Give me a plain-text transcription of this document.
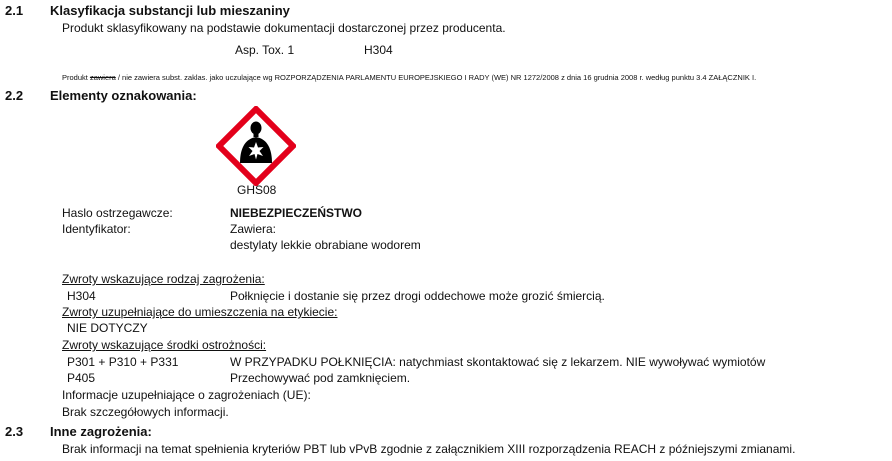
2.1 Klasyfikacja substancji lub mieszaniny
Produkt sklasyfikowany na podstawie dokumentacji dostarczonej przez producenta.
Asp. Tox. 1	H304
Produkt zawiera / nie zawiera subst. zaklas. jako uczulające wg ROZPORZĄDZENIA PARLAMENTU EUROPEJSKIEGO I RADY (WE) NR 1272/2008 z dnia 16 grudnia 2008 r. według punktu 3.4 ZAŁĄCZNIK I.
2.2 Elementy oznakowania:
GHS08
Haslo ostrzegawcze:	NIEBEZPIECZEŃSTWO
Identyfikator:	Zawiera:
destylaty lekkie obrabiane wodorem
Zwroty wskazujące rodzaj zagrożenia:
H304	Połknięcie i dostanie się przez drogi oddechowe może grozić śmiercią.
Zwroty uzupełniające do umieszczenia na etykiecie:
NIE DOTYCZY
Zwroty wskazujące środki ostrożności:
P301 + P310 + P331	W PRZYPADKU POŁKNIĘCIA: natychmiast skontaktować się z lekarzem. NIE wywoływać wymiotów
P405	Przechowywać pod zamknięciem.
Informacje uzupełniające o zagrożeniach (UE):
Brak szczegółowych informacji.
2.3 Inne zagrożenia:
Brak informacji na temat spełnienia kryteriów PBT lub vPvB zgodnie z załącznikiem XIII rozporządzenia REACH z późniejszymi zmianami.
